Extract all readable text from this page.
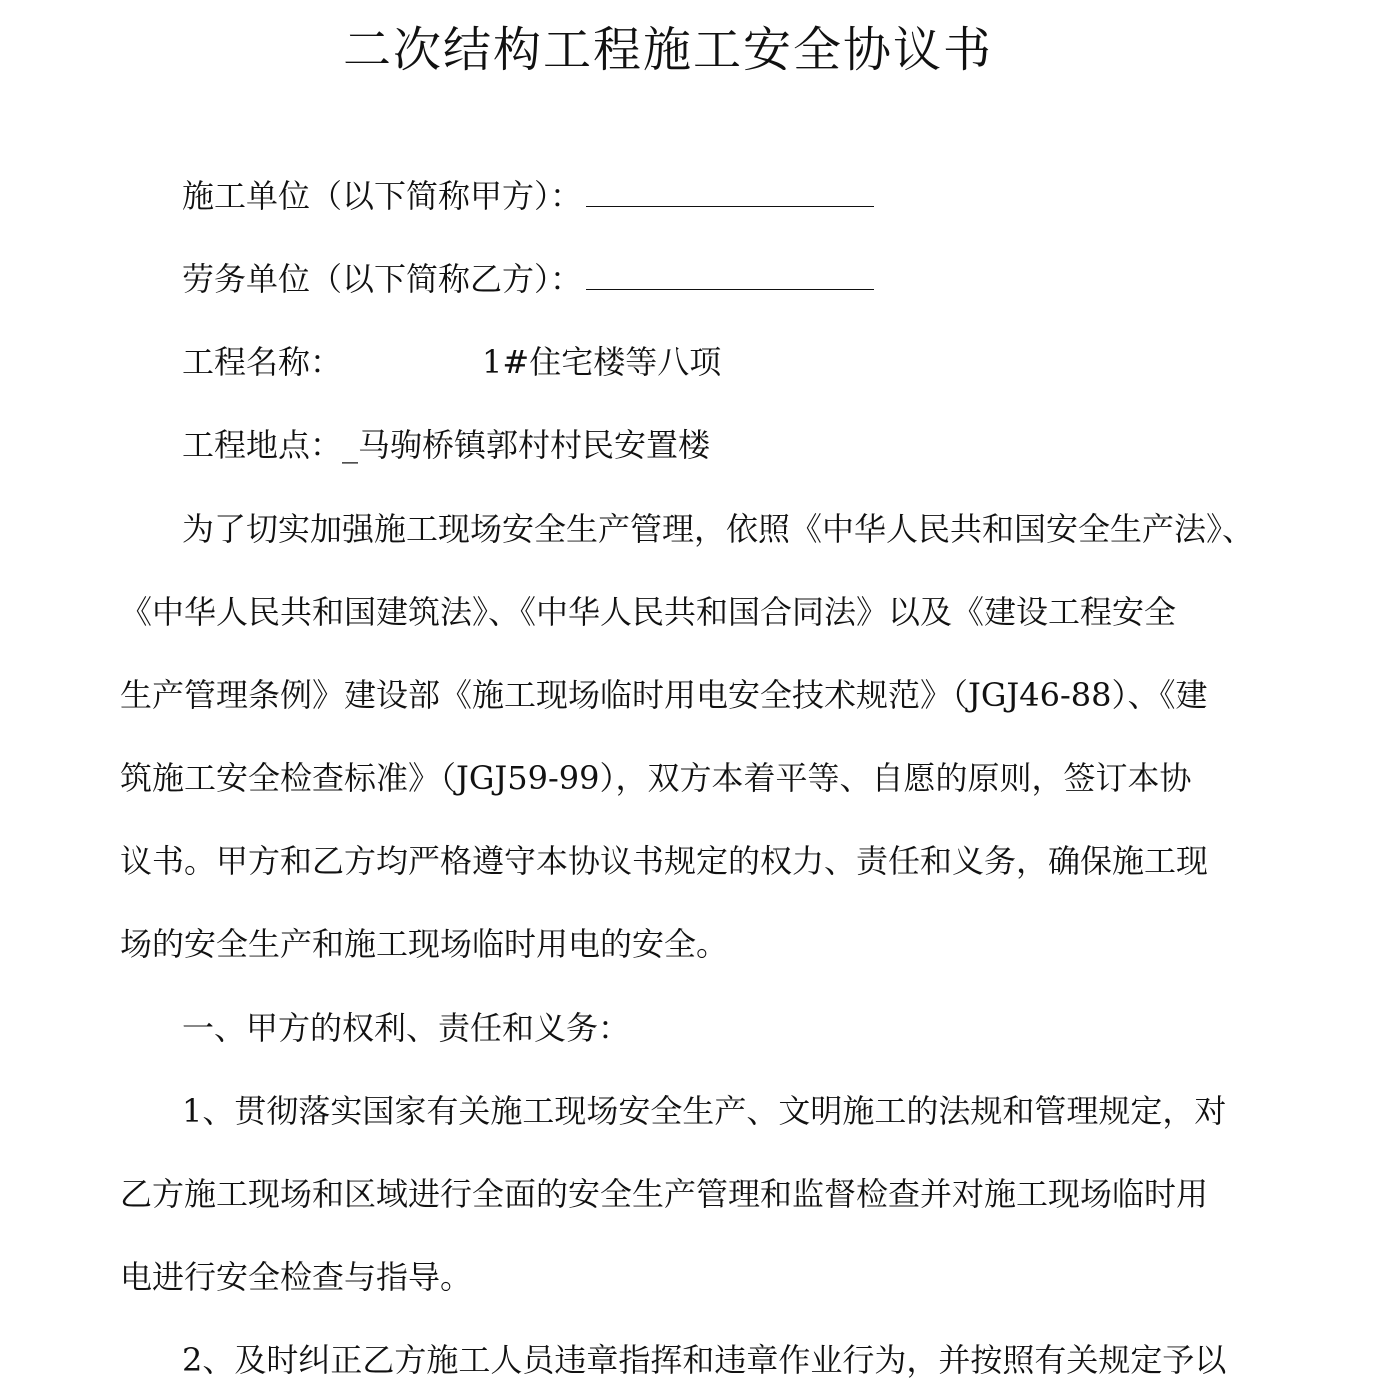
二次结构工程施工安全协议书
施工单位（以下简称甲方）：
劳务单位（以下简称乙方）：
工程名称：	1#住宅楼等八项
工程地点：_马驹桥镇郭村村民安置楼
为了切实加强施工现场安全生产管理，依照《中华人民共和国安全生产法》、
《中华人民共和国建筑法》、《中华人民共和国合同法》以及《建设工程安全
生产管理条例》建设部《施工现场临时用电安全技术规范》（JGJ46-88）、《建
筑施工安全检查标准》（JGJ59-99），双方本着平等、自愿的原则，签订本协
议书。甲方和乙方均严格遵守本协议书规定的权力、责任和义务，确保施工现
场的安全生产和施工现场临时用电的安全。
一、甲方的权利、责任和义务：
1、贯彻落实国家有关施工现场安全生产、文明施工的法规和管理规定，对
乙方施工现场和区域进行全面的安全生产管理和监督检查并对施工现场临时用
电进行安全检查与指导。
2、及时纠正乙方施工人员违章指挥和违章作业行为，并按照有关规定予以
